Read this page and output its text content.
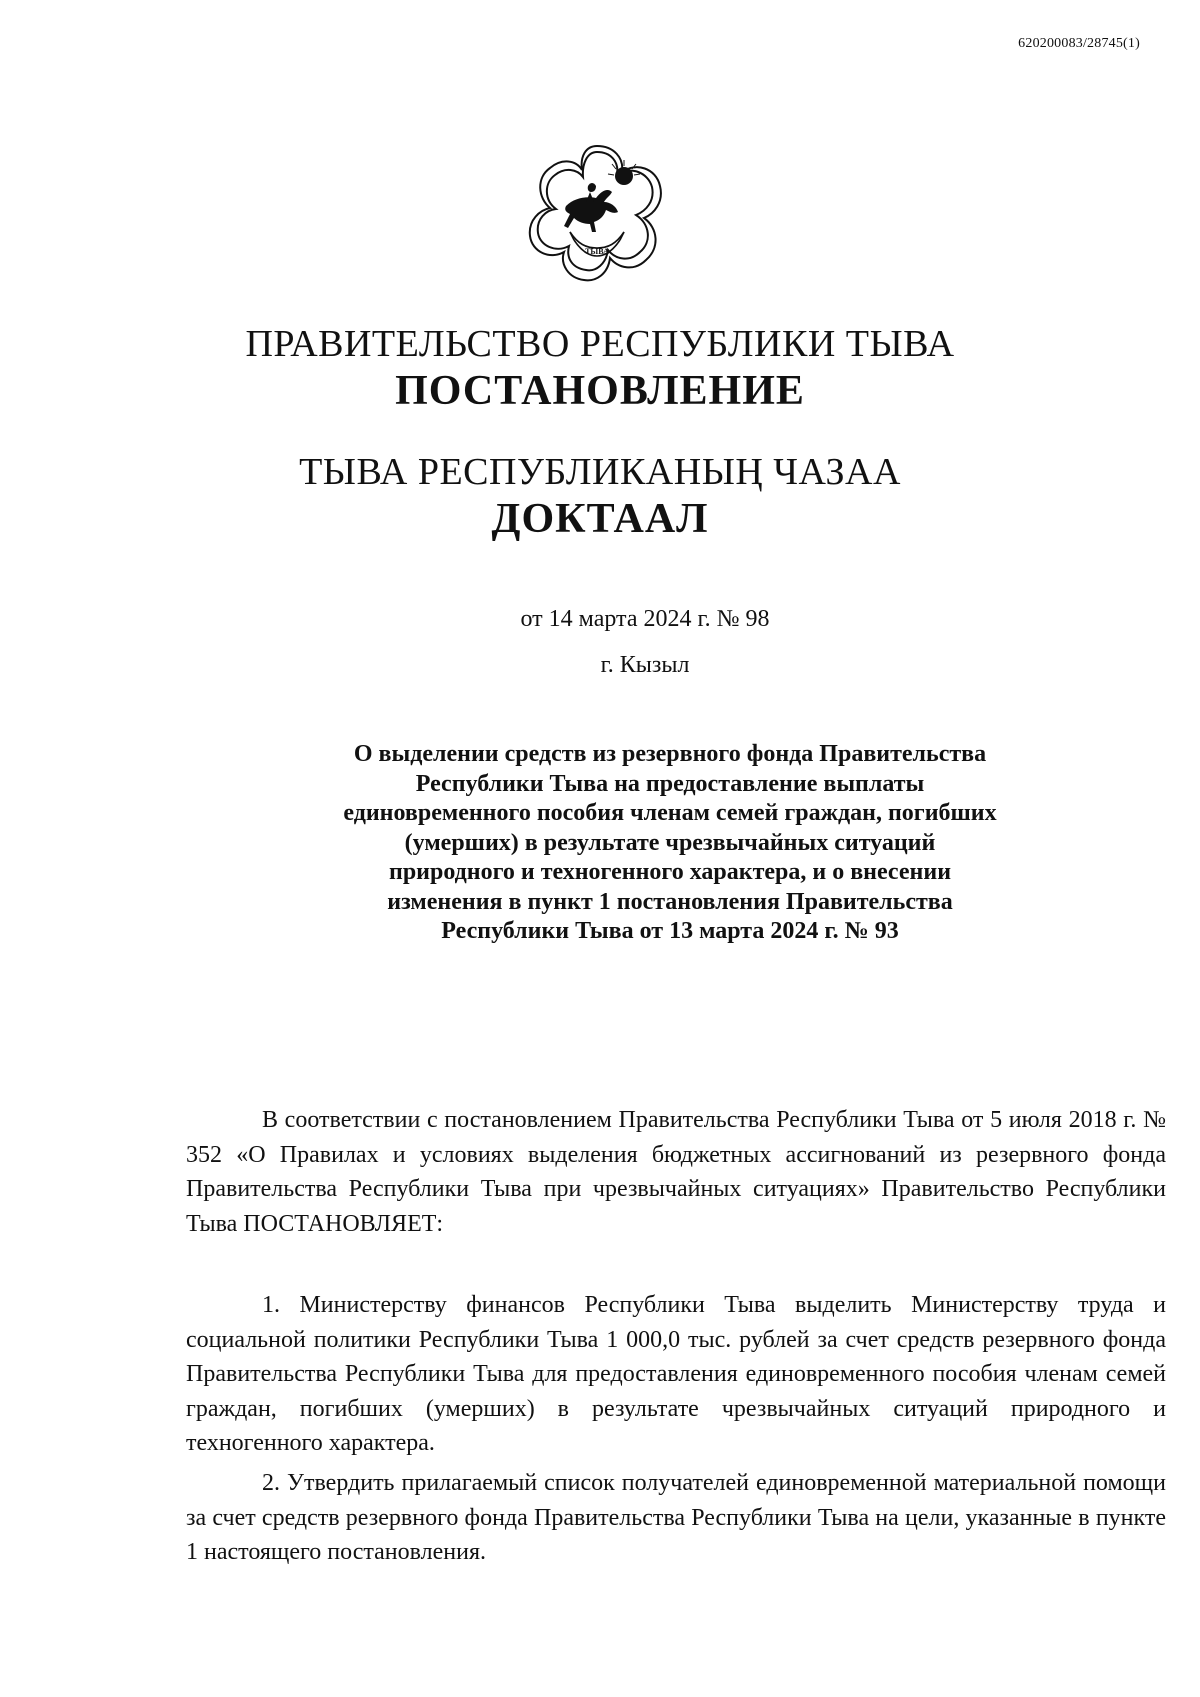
620200083/28745(1)
ТЫВА
ПРАВИТЕЛЬСТВО РЕСПУБЛИКИ ТЫВА
ПОСТАНОВЛЕНИЕ
ТЫВА РЕСПУБЛИКАНЫҢ ЧАЗАА
ДОКТААЛ
от 14 марта 2024 г. № 98
г. Кызыл
О выделении средств из резервного фонда Правительства Республики Тыва на предоставление выплаты единовременного пособия членам семей граждан, погибших (умерших) в результате чрезвычайных ситуаций природного и техногенного характера, и о внесении изменения в пункт 1 постановления Правительства Республики Тыва от 13 марта 2024 г. № 93

В соответствии с постановлением Правительства Республики Тыва от 5 июля 2018 г. № 352 «О Правилах и условиях выделения бюджетных ассигнований из резервного фонда Правительства Республики Тыва при чрезвычайных ситуациях» Правительство Республики Тыва ПОСТАНОВЛЯЕТ:

1. Министерству финансов Республики Тыва выделить Министерству труда и социальной политики Республики Тыва 1 000,0 тыс. рублей за счет средств резервного фонда Правительства Республики Тыва для предоставления единовременного пособия членам семей граждан, погибших (умерших) в результате чрезвычайных ситуаций природного и техногенного характера.

2. Утвердить прилагаемый список получателей единовременной материальной помощи за счет средств резервного фонда Правительства Республики Тыва на цели, указанные в пункте 1 настоящего постановления.
